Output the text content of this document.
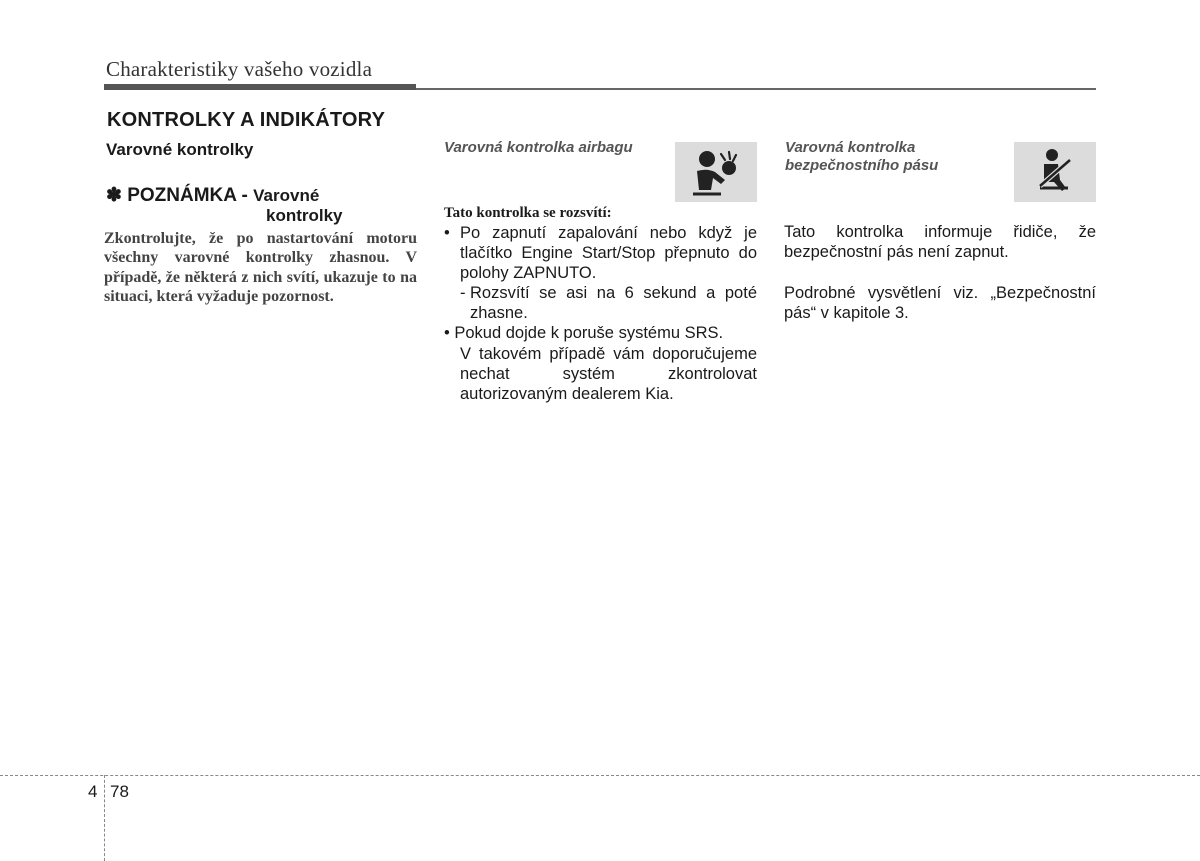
Charakteristiky vašeho vozidla
KONTROLKY A INDIKÁTORY
Varovné kontrolky
✽ POZNÁMKA - Varovné
kontrolky
Zkontrolujte, že po nastartování motoru všechny varovné kontrolky zhasnou. V případě, že některá z nich svítí, ukazuje to na situaci, která vyžaduje pozornost.
Varovná kontrolka airbagu
Tato kontrolka se rozsvítí:
• Po zapnutí zapalování nebo když je tlačítko Engine Start/Stop přepnuto do polohy ZAPNUTO.
- Rozsvítí se asi na 6 sekund a poté zhasne.
• Pokud dojde k poruše systému SRS.
V takovém případě vám doporučujeme nechat systém zkontrolovat autorizovaným dealerem Kia.
Varovná kontrolka
bezpečnostního pásu
Tato kontrolka informuje řidiče, že bezpečnostní pás není zapnut.
Podrobné vysvětlení viz. „Bezpečnostní pás“ v kapitole 3.
4 78
